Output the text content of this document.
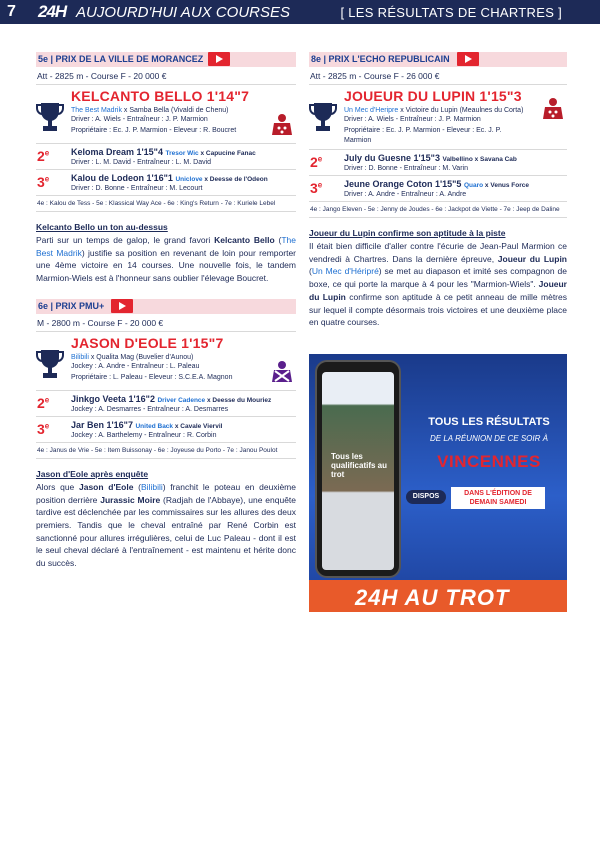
7 24H AUJOURD'HUI AUX COURSES	[ LES RÉSULTATS DE CHARTRES ]
5e | PRIX DE LA VILLE DE MORANCEZ
Att - 2825 m - Course F - 20 000 €
KELCANTO BELLO 1'14"7
The Best Madrik x Samba Bella (Vivaldi de Chenu)
Driver : A. Wiels - Entraîneur : J. P. Marmion
Propriétaire : Ec. J. P. Marmion - Eleveur : R. Boucret
2e Keloma Dream 1'15"4 Tresor Wic x Capucine Fanac
Driver : L. M. David - Entraîneur : L. M. David
3e Kalou de Lodeon 1'16"1 Uniclove x Deesse de l'Odeon
Driver : D. Bonne - Entraîneur : M. Lecourt
4e : Kalou de Tess - 5e : Klassical Way Ace - 6e : King's Return - 7e : Kuriele Lebel
Kelcanto Bello un ton au-dessus
Parti sur un temps de galop, le grand favori Kelcanto Bello (The Best Madrik) justifie sa position en revenant de loin pour remporter une 4ème victoire en 14 courses. Une nouvelle fois, le tandem Marmion-Wiels est à l'honneur sans oublier l'élevage Boucret.
6e | PRIX PMU+
M - 2800 m - Course F - 20 000 €
JASON D'EOLE 1'15"7
Bilibili x Qualita Mag (Buvelier d'Aunou)
Jockey : A. Andre - Entraîneur : L. Paleau
Propriétaire : L. Paleau - Eleveur : S.C.E.A. Magnon
2e Jinkgo Veeta 1'16"2 Driver Cadence x Deesse du Mouriez
Jockey : A. Desmarres - Entraîneur : A. Desmarres
3e Jar Ben 1'16"7 United Back x Cavale Viervil
Jockey : A. Barthelemy - Entraîneur : R. Corbin
4e : Janus de Vrie - 5e : Item Buissonay - 6e : Joyeuse du Porto - 7e : Janou Poulot
Jason d'Eole après enquête
Alors que Jason d'Eole (Bilibili) franchit le poteau en deuxième position derrière Jurassic Moire (Radjah de l'Abbaye), une enquête tardive est déclenchée par les commissaires sur les allures des deux premiers. Tandis que le cheval entraîné par René Corbin est sanctionné pour allures irrégulières, celui de Luc Paleau - dont il est le seul cheval déclaré à l'entraînement - est maintenu et hérite donc du succès.
8e | PRIX L'ECHO REPUBLICAIN
Att - 2825 m - Course F - 26 000 €
JOUEUR DU LUPIN 1'15"3
Un Mec d'Heripre x Victoire du Lupin (Meaulnes du Corta)
Driver : A. Wiels - Entraîneur : J. P. Marmion
Propriétaire : Ec. J. P. Marmion - Eleveur : Ec. J. P. Marmion
2e July du Guesne 1'15"3 Valbellino x Savana Cab
Driver : D. Bonne - Entraîneur : M. Varin
3e Jeune Orange Coton 1'15"5 Quaro x Venus Force
Driver : A. Andre - Entraîneur : A. Andre
4e : Jango Eleven - 5e : Jenny de Joudes - 6e : Jackpot de Viette - 7e : Jeep de Daline
Joueur du Lupin confirme son aptitude à la piste
Il était bien difficile d'aller contre l'écurie de Jean-Paul Marmion ce vendredi à Chartres. Dans la dernière épreuve, Joueur du Lupin (Un Mec d'Héripré) se met au diapason et imité ses compagnon de boxe, ce qui porte la marque à 4 pour les "Marmion-Wiels". Joueur du Lupin confirme son aptitude à ce petit anneau de mille mètres sur lequel il compte désormais trois victoires et une deuxième place en quatre courses.
Tous les qualificatifs au trot
TOUS LES RÉSULTATS
DE LA RÉUNION DE CE SOIR À
VINCENNES
DISPOS	DANS L'ÉDITION DE
DEMAIN SAMEDI
24H AU TROT
